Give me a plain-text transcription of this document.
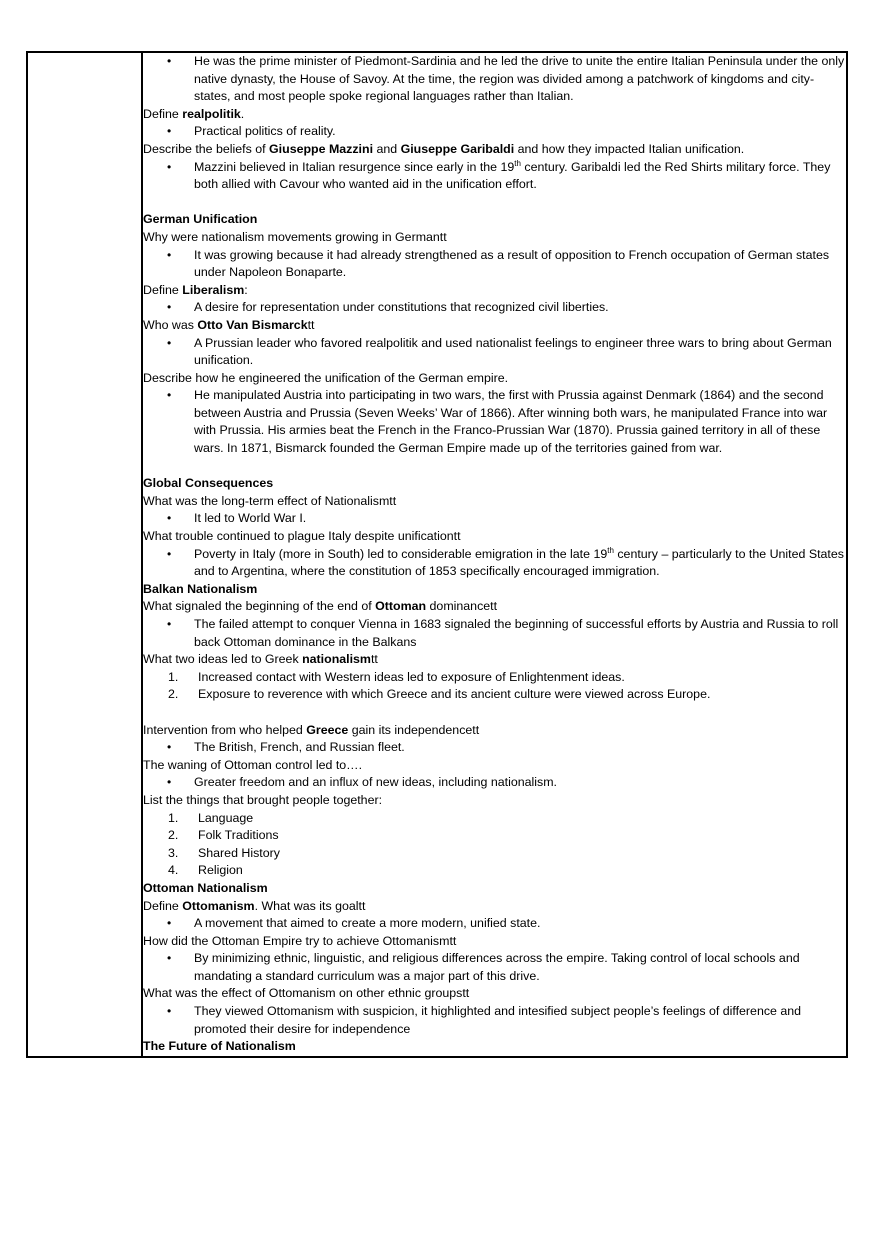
• He was the prime minister of Piedmont-Sardinia and he led the drive to unite the entire Italian Peninsula under the only native dynasty, the House of Savoy. At the time, the region was divided among a patchwork of kingdoms and city-states, and most people spoke regional languages rather than Italian.

Define realpolitik.

• Practical politics of reality.

Describe the beliefs of Giuseppe Mazzini and Giuseppe Garibaldi and how they impacted Italian unification.

• Mazzini believed in Italian resurgence since early in the 19th century. Garibaldi led the Red Shirts military force. They both allied with Cavour who wanted aid in the unification effort.

German Unification

Why were nationalism movements growing in Germantt

• It was growing because it had already strengthened as a result of opposition to French occupation of German states under Napoleon Bonaparte.

Define Liberalism:

• A desire for representation under constitutions that recognized civil liberties.

Who was Otto Van Bismarcktt

• A Prussian leader who favored realpolitik and used nationalist feelings to engineer three wars to bring about German unification.

Describe how he engineered the unification of the German empire.

• He manipulated Austria into participating in two wars, the first with Prussia against Denmark (1864) and the second between Austria and Prussia (Seven Weeks’ War of 1866). After winning both wars, he manipulated France into war with Prussia. His armies beat the French in the Franco-Prussian War (1870). Prussia gained territory in all of these wars. In 1871, Bismarck founded the German Empire made up of the territories gained from war.

Global Consequences

What was the long-term effect of Nationalismtt

• It led to World War I.

What trouble continued to plague Italy despite unificationtt

• Poverty in Italy (more in South) led to considerable emigration in the late 19th century – particularly to the United States and to Argentina, where the constitution of 1853 specifically encouraged immigration.

Balkan Nationalism

What signaled the beginning of the end of Ottoman dominancett

• The failed attempt to conquer Vienna in 1683 signaled the beginning of successful efforts by Austria and Russia to roll back Ottoman dominance in the Balkans

What two ideas led to Greek nationalismtt

1. Increased contact with Western ideas led to exposure of Enlightenment ideas.

2. Exposure to reverence with which Greece and its ancient culture were viewed across Europe.

Intervention from who helped Greece gain its independencett

• The British, French, and Russian fleet.

The waning of Ottoman control led to….

• Greater freedom and an influx of new ideas, including nationalism.

List the things that brought people together:

1. Language

2. Folk Traditions

3. Shared History

4. Religion

Ottoman Nationalism

Define Ottomanism. What was its goaltt

• A movement that aimed to create a more modern, unified state.

How did the Ottoman Empire try to achieve Ottomanismtt

• By minimizing ethnic, linguistic, and religious differences across the empire. Taking control of local schools and mandating a standard curriculum was a major part of this drive.

What was the effect of Ottomanism on other ethnic groupstt

• They viewed Ottomanism with suspicion, it highlighted and intesified subject people’s feelings of difference and promoted their desire for independence

The Future of Nationalism
